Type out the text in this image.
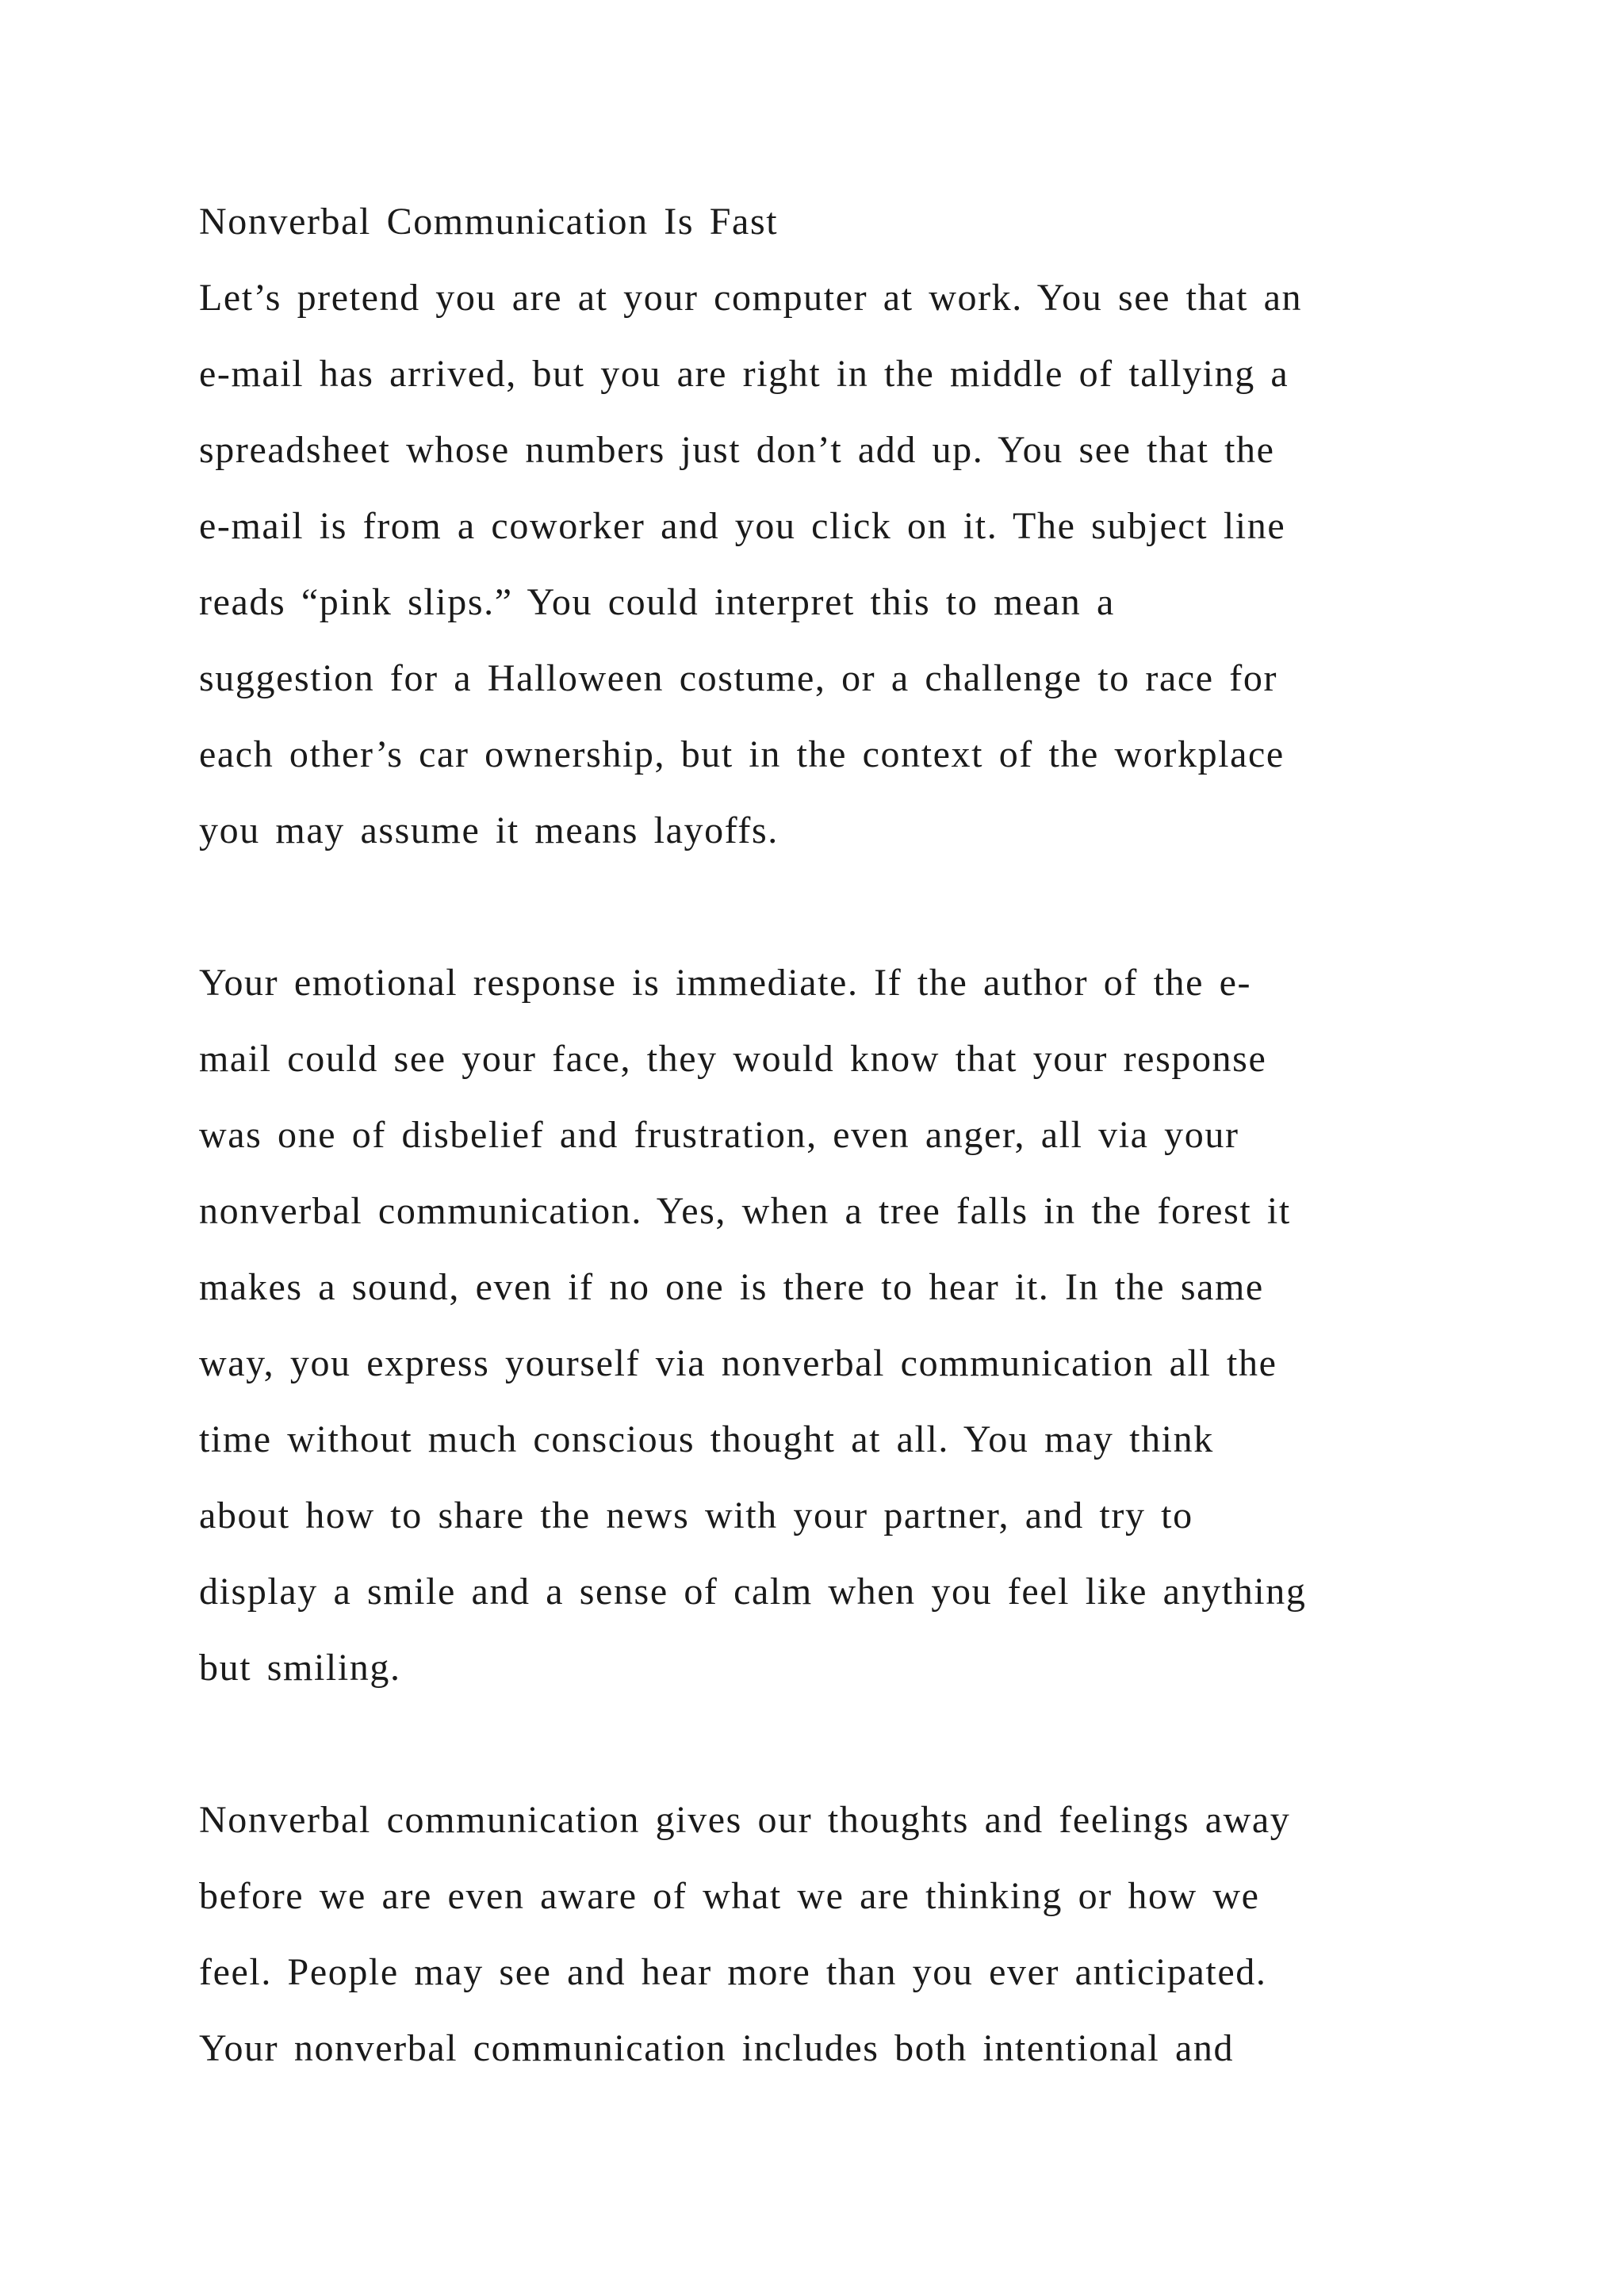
Nonverbal Communication Is Fast
Let’s pretend you are at your computer at work. You see that an
e-mail has arrived, but you are right in the middle of tallying a
spreadsheet whose numbers just don’t add up. You see that the
e-mail is from a coworker and you click on it. The subject line
reads “pink slips.” You could interpret this to mean a
suggestion for a Halloween costume, or a challenge to race for
each other’s car ownership, but in the context of the workplace
you may assume it means layoffs.
Your emotional response is immediate. If the author of the e-
mail could see your face, they would know that your response
was one of disbelief and frustration, even anger, all via your
nonverbal communication. Yes, when a tree falls in the forest it
makes a sound, even if no one is there to hear it. In the same
way, you express yourself via nonverbal communication all the
time without much conscious thought at all. You may think
about how to share the news with your partner, and try to
display a smile and a sense of calm when you feel like anything
but smiling.
Nonverbal communication gives our thoughts and feelings away
before we are even aware of what we are thinking or how we
feel. People may see and hear more than you ever anticipated.
Your nonverbal communication includes both intentional and
